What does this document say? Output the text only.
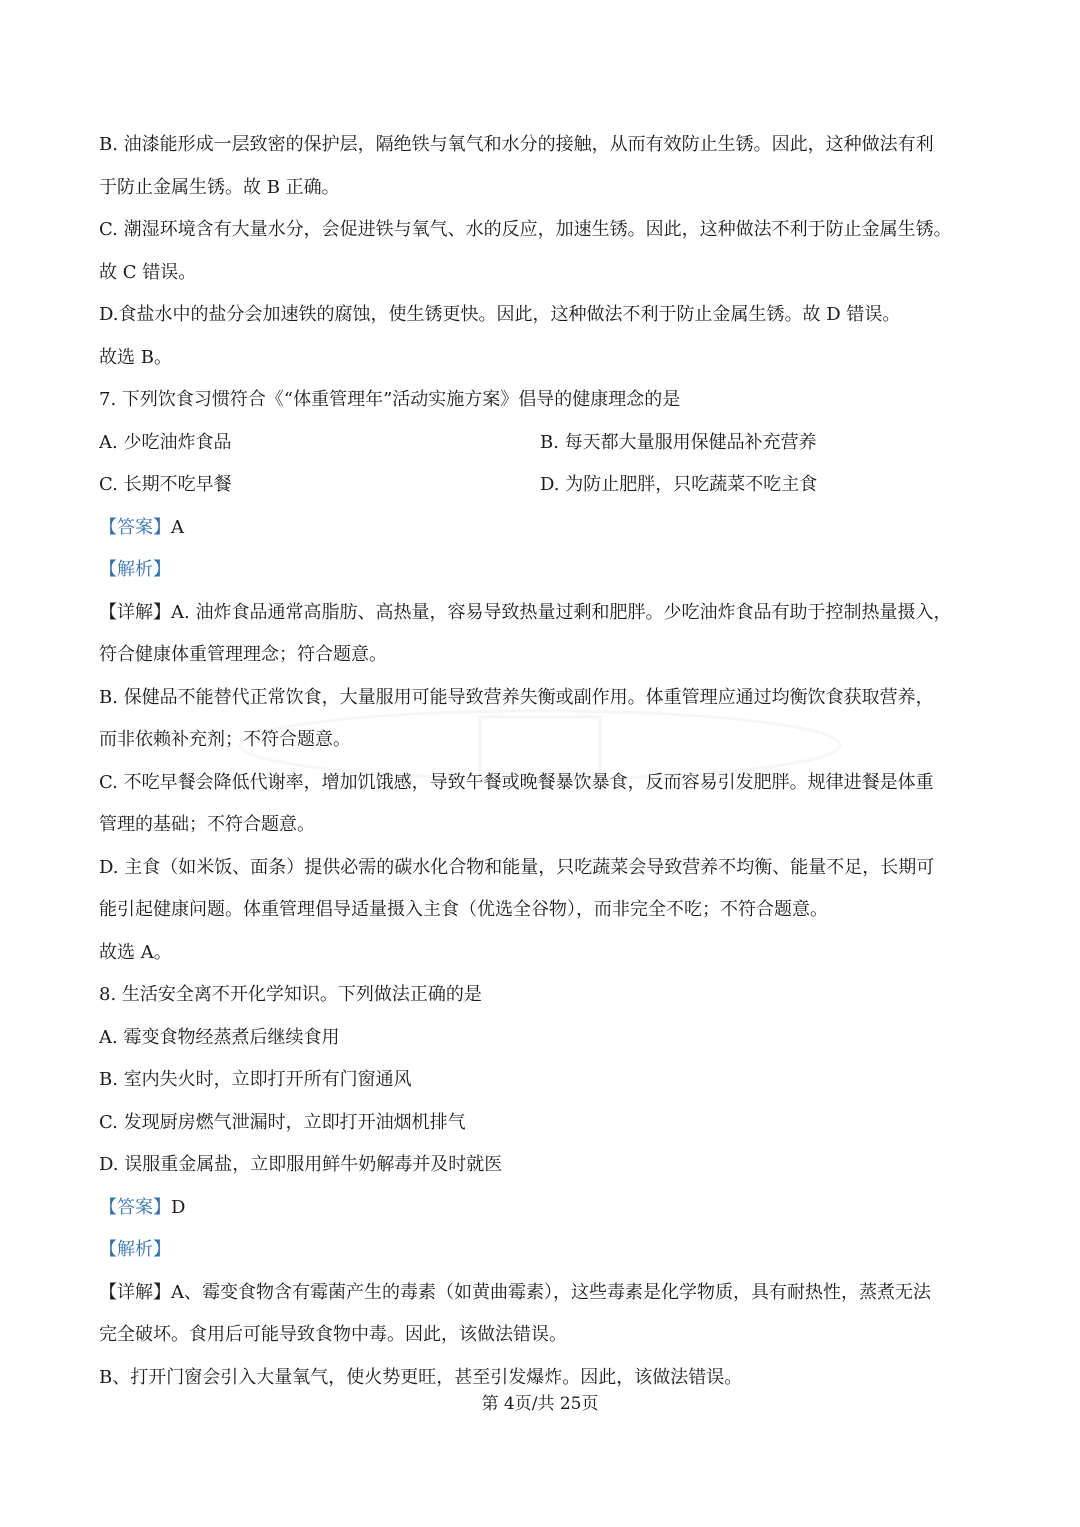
B. 油漆能形成一层致密的保护层，隔绝铁与氧气和水分的接触，从而有效防止生锈。因此，这种做法有利
于防止金属生锈。故 B 正确。
C. 潮湿环境含有大量水分，会促进铁与氧气、水的反应，加速生锈。因此，这种做法不利于防止金属生锈。
故 C 错误。
D.食盐水中的盐分会加速铁的腐蚀，使生锈更快。因此，这种做法不利于防止金属生锈。故 D 错误。
故选 B。
7. 下列饮食习惯符合《“体重管理年”活动实施方案》倡导的健康理念的是
A. 少吃油炸食品	B. 每天都大量服用保健品补充营养
C. 长期不吃早餐	D. 为防止肥胖，只吃蔬菜不吃主食
【答案】A
【解析】
【详解】A. 油炸食品通常高脂肪、高热量，容易导致热量过剩和肥胖。少吃油炸食品有助于控制热量摄入，
符合健康体重管理理念；符合题意。
B. 保健品不能替代正常饮食，大量服用可能导致营养失衡或副作用。体重管理应通过均衡饮食获取营养，
而非依赖补充剂；不符合题意。
C. 不吃早餐会降低代谢率，增加饥饿感，导致午餐或晚餐暴饮暴食，反而容易引发肥胖。规律进餐是体重
管理的基础；不符合题意。
D. 主食（如米饭、面条）提供必需的碳水化合物和能量，只吃蔬菜会导致营养不均衡、能量不足，长期可
能引起健康问题。体重管理倡导适量摄入主食（优选全谷物），而非完全不吃；不符合题意。
故选 A。
8. 生活安全离不开化学知识。下列做法正确的是
A. 霉变食物经蒸煮后继续食用
B. 室内失火时，立即打开所有门窗通风
C. 发现厨房燃气泄漏时，立即打开油烟机排气
D. 误服重金属盐，立即服用鲜牛奶解毒并及时就医
【答案】D
【解析】
【详解】A、霉变食物含有霉菌产生的毒素（如黄曲霉素），这些毒素是化学物质，具有耐热性，蒸煮无法
完全破坏。食用后可能导致食物中毒。因此，该做法错误。
B、打开门窗会引入大量氧气，使火势更旺，甚至引发爆炸。因此，该做法错误。
第 4页/共 25页
